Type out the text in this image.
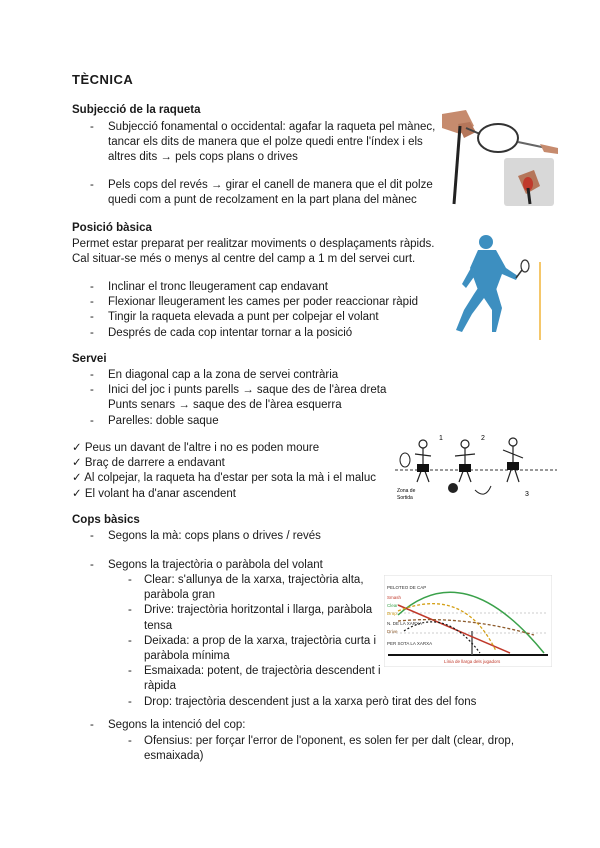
TÈCNICA
Subjecció de la raqueta
- Subjecció fonamental o occidental: agafar la raqueta pel mànec,
tancar els dits de manera que el polze quedi entre l'índex i els
altres dits → pels cops plans o drives
- Pels cops del revés → girar el canell de manera que el dit polze
quedi com a punt de recolzament en la part plana del mànec
Posició bàsica
Permet estar preparat per realitzar moviments o desplaçaments ràpids.
Cal situar-se més o menys al centre del camp a 1 m del servei curt.
- Inclinar el tronc lleugerament cap endavant
- Flexionar lleugerament les cames per poder reaccionar ràpid
- Tingir la raqueta elevada a punt per colpejar el volant
- Després de cada cop intentar tornar a la posició
Servei
- En diagonal cap a la zona de servei contrària
- Inici del joc i punts parells → saque des de l'àrea dreta
Punts senars → saque des de l'àrea esquerra
- Parelles: doble saque
✓ Peus un davant de l'altre i no es poden moure
✓ Braç de darrere a endavant
✓ Al colpejar, la raqueta ha d'estar per sota la mà i el maluc
✓ El volant ha d'anar ascendent
1	2
3
Zona de
Sortida
Cops bàsics
- Segons la mà: cops plans o drives / revés
- Segons la trajectòria o paràbola del volant
- Clear: s'allunya de la xarxa, trajectòria alta,
paràbola gran
- Drive: trajectòria horitzontal i llarga, paràbola
tensa
- Deixada: a prop de la xarxa, trajectòria curta i
paràbola mínima
- Esmaixada: potent, de trajectòria descendent i
ràpida
- Drop: trajectòria descendent just a la xarxa però tirat des del fons
PELOTEO DE CAP
Smash
Clear
Drop
N. DE LA XARXA
Drive
PER SOTA LA XARXA
Línia de llarga dels jugadors
- Segons la intenció del cop:
- Ofensius: per forçar l'error de l'oponent, es solen fer per dalt (clear, drop,
esmaixada)
